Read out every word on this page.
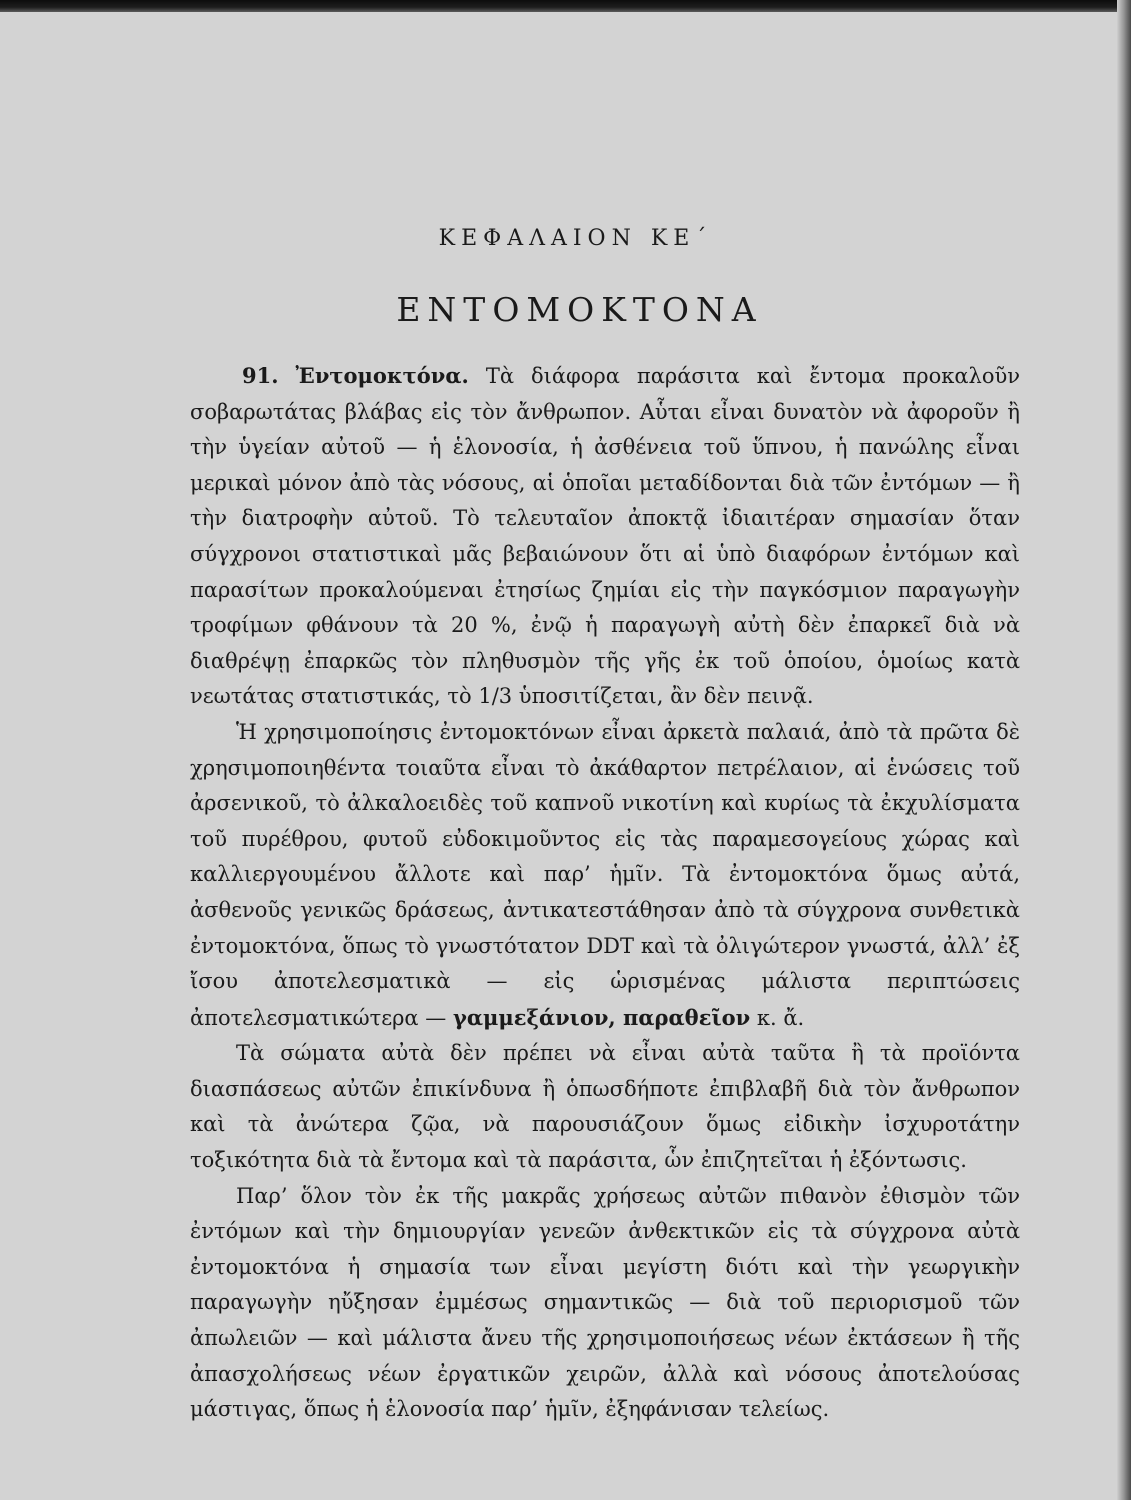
ΚΕΦΑΛΑΙΟΝ ΚΕ΄
ΕΝΤΟΜΟΚΤΟΝΑ

91. Ἐντομοκτόνα. Τὰ διάφορα παράσιτα καὶ ἔντομα προκαλοῦν σοβαρωτάτας βλάβας εἰς τὸν ἄνθρωπον. Αὗται εἶναι δυνατὸν νὰ ἀφοροῦν ἢ τὴν ὑγείαν αὐτοῦ — ἡ ἑλονοσία, ἡ ἀσθένεια τοῦ ὕπνου, ἡ πανώλης εἶναι μερικαὶ μόνον ἀπὸ τὰς νόσους, αἱ ὁποῖαι μεταδίδονται διὰ τῶν ἐντόμων — ἢ τὴν διατροφὴν αὐτοῦ. Τὸ τελευταῖον ἀποκτᾷ ἰδιαιτέραν σημασίαν ὅταν σύγχρονοι στατιστικαὶ μᾶς βεβαιώνουν ὅτι αἱ ὑπὸ διαφόρων ἐντόμων καὶ παρασίτων προκαλούμεναι ἐτησίως ζημίαι εἰς τὴν παγκόσμιον παραγωγὴν τροφίμων φθάνουν τὰ 20 %, ἐνῷ ἡ παραγωγὴ αὐτὴ δὲν ἐπαρκεῖ διὰ νὰ διαθρέψῃ ἐπαρκῶς τὸν πληθυσμὸν τῆς γῆς ἐκ τοῦ ὁποίου, ὁμοίως κατὰ νεωτάτας στατιστικάς, τὸ 1/3 ὑποσιτίζεται, ἂν δὲν πεινᾷ.

Ἡ χρησιμοποίησις ἐντομοκτόνων εἶναι ἀρκετὰ παλαιά, ἀπὸ τὰ πρῶτα δὲ χρησιμοποιηθέντα τοιαῦτα εἶναι τὸ ἀκάθαρτον πετρέλαιον, αἱ ἑνώσεις τοῦ ἀρσενικοῦ, τὸ ἀλκαλοειδὲς τοῦ καπνοῦ νικοτίνη καὶ κυρίως τὰ ἐκχυλίσματα τοῦ πυρέθρου, φυτοῦ εὐδοκιμοῦντος εἰς τὰς παραμεσογείους χώρας καὶ καλλιεργουμένου ἄλλοτε καὶ παρ’ ἡμῖν. Τὰ ἐντομοκτόνα ὅμως αὐτά, ἀσθενοῦς γενικῶς δράσεως, ἀντικατεστάθησαν ἀπὸ τὰ σύγχρονα συνθετικὰ ἐντομοκτόνα, ὅπως τὸ γνωστότατον DDT καὶ τὰ ὀλιγώτερον γνωστά, ἀλλ’ ἐξ ἴσου ἀποτελεσματικὰ — εἰς ὡρισμένας μάλιστα περιπτώσεις ἀποτελεσματικώτερα — γαμμεξάνιον, παραθεῖον κ. ἄ.

Τὰ σώματα αὐτὰ δὲν πρέπει νὰ εἶναι αὐτὰ ταῦτα ἢ τὰ προϊόντα διασπάσεως αὐτῶν ἐπικίνδυνα ἢ ὁπωσδήποτε ἐπιβλαβῆ διὰ τὸν ἄνθρωπον καὶ τὰ ἀνώτερα ζῷα, νὰ παρουσιάζουν ὅμως εἰδικὴν ἰσχυροτάτην τοξικότητα διὰ τὰ ἔντομα καὶ τὰ παράσιτα, ὧν ἐπιζητεῖται ἡ ἐξόντωσις.

Παρ’ ὅλον τὸν ἐκ τῆς μακρᾶς χρήσεως αὐτῶν πιθανὸν ἐθισμὸν τῶν ἐντόμων καὶ τὴν δημιουργίαν γενεῶν ἀνθεκτικῶν εἰς τὰ σύγχρονα αὐτὰ ἐντομοκτόνα ἡ σημασία των εἶναι μεγίστη διότι καὶ τὴν γεωργικὴν παραγωγὴν ηὔξησαν ἐμμέσως σημαντικῶς — διὰ τοῦ περιορισμοῦ τῶν ἀπωλειῶν — καὶ μάλιστα ἄνευ τῆς χρησιμοποιήσεως νέων ἐκτάσεων ἢ τῆς ἀπασχολήσεως νέων ἐργατικῶν χειρῶν, ἀλλὰ καὶ νόσους ἀποτελούσας μάστιγας, ὅπως ἡ ἑλονοσία παρ’ ἡμῖν, ἐξηφάνισαν τελείως.
